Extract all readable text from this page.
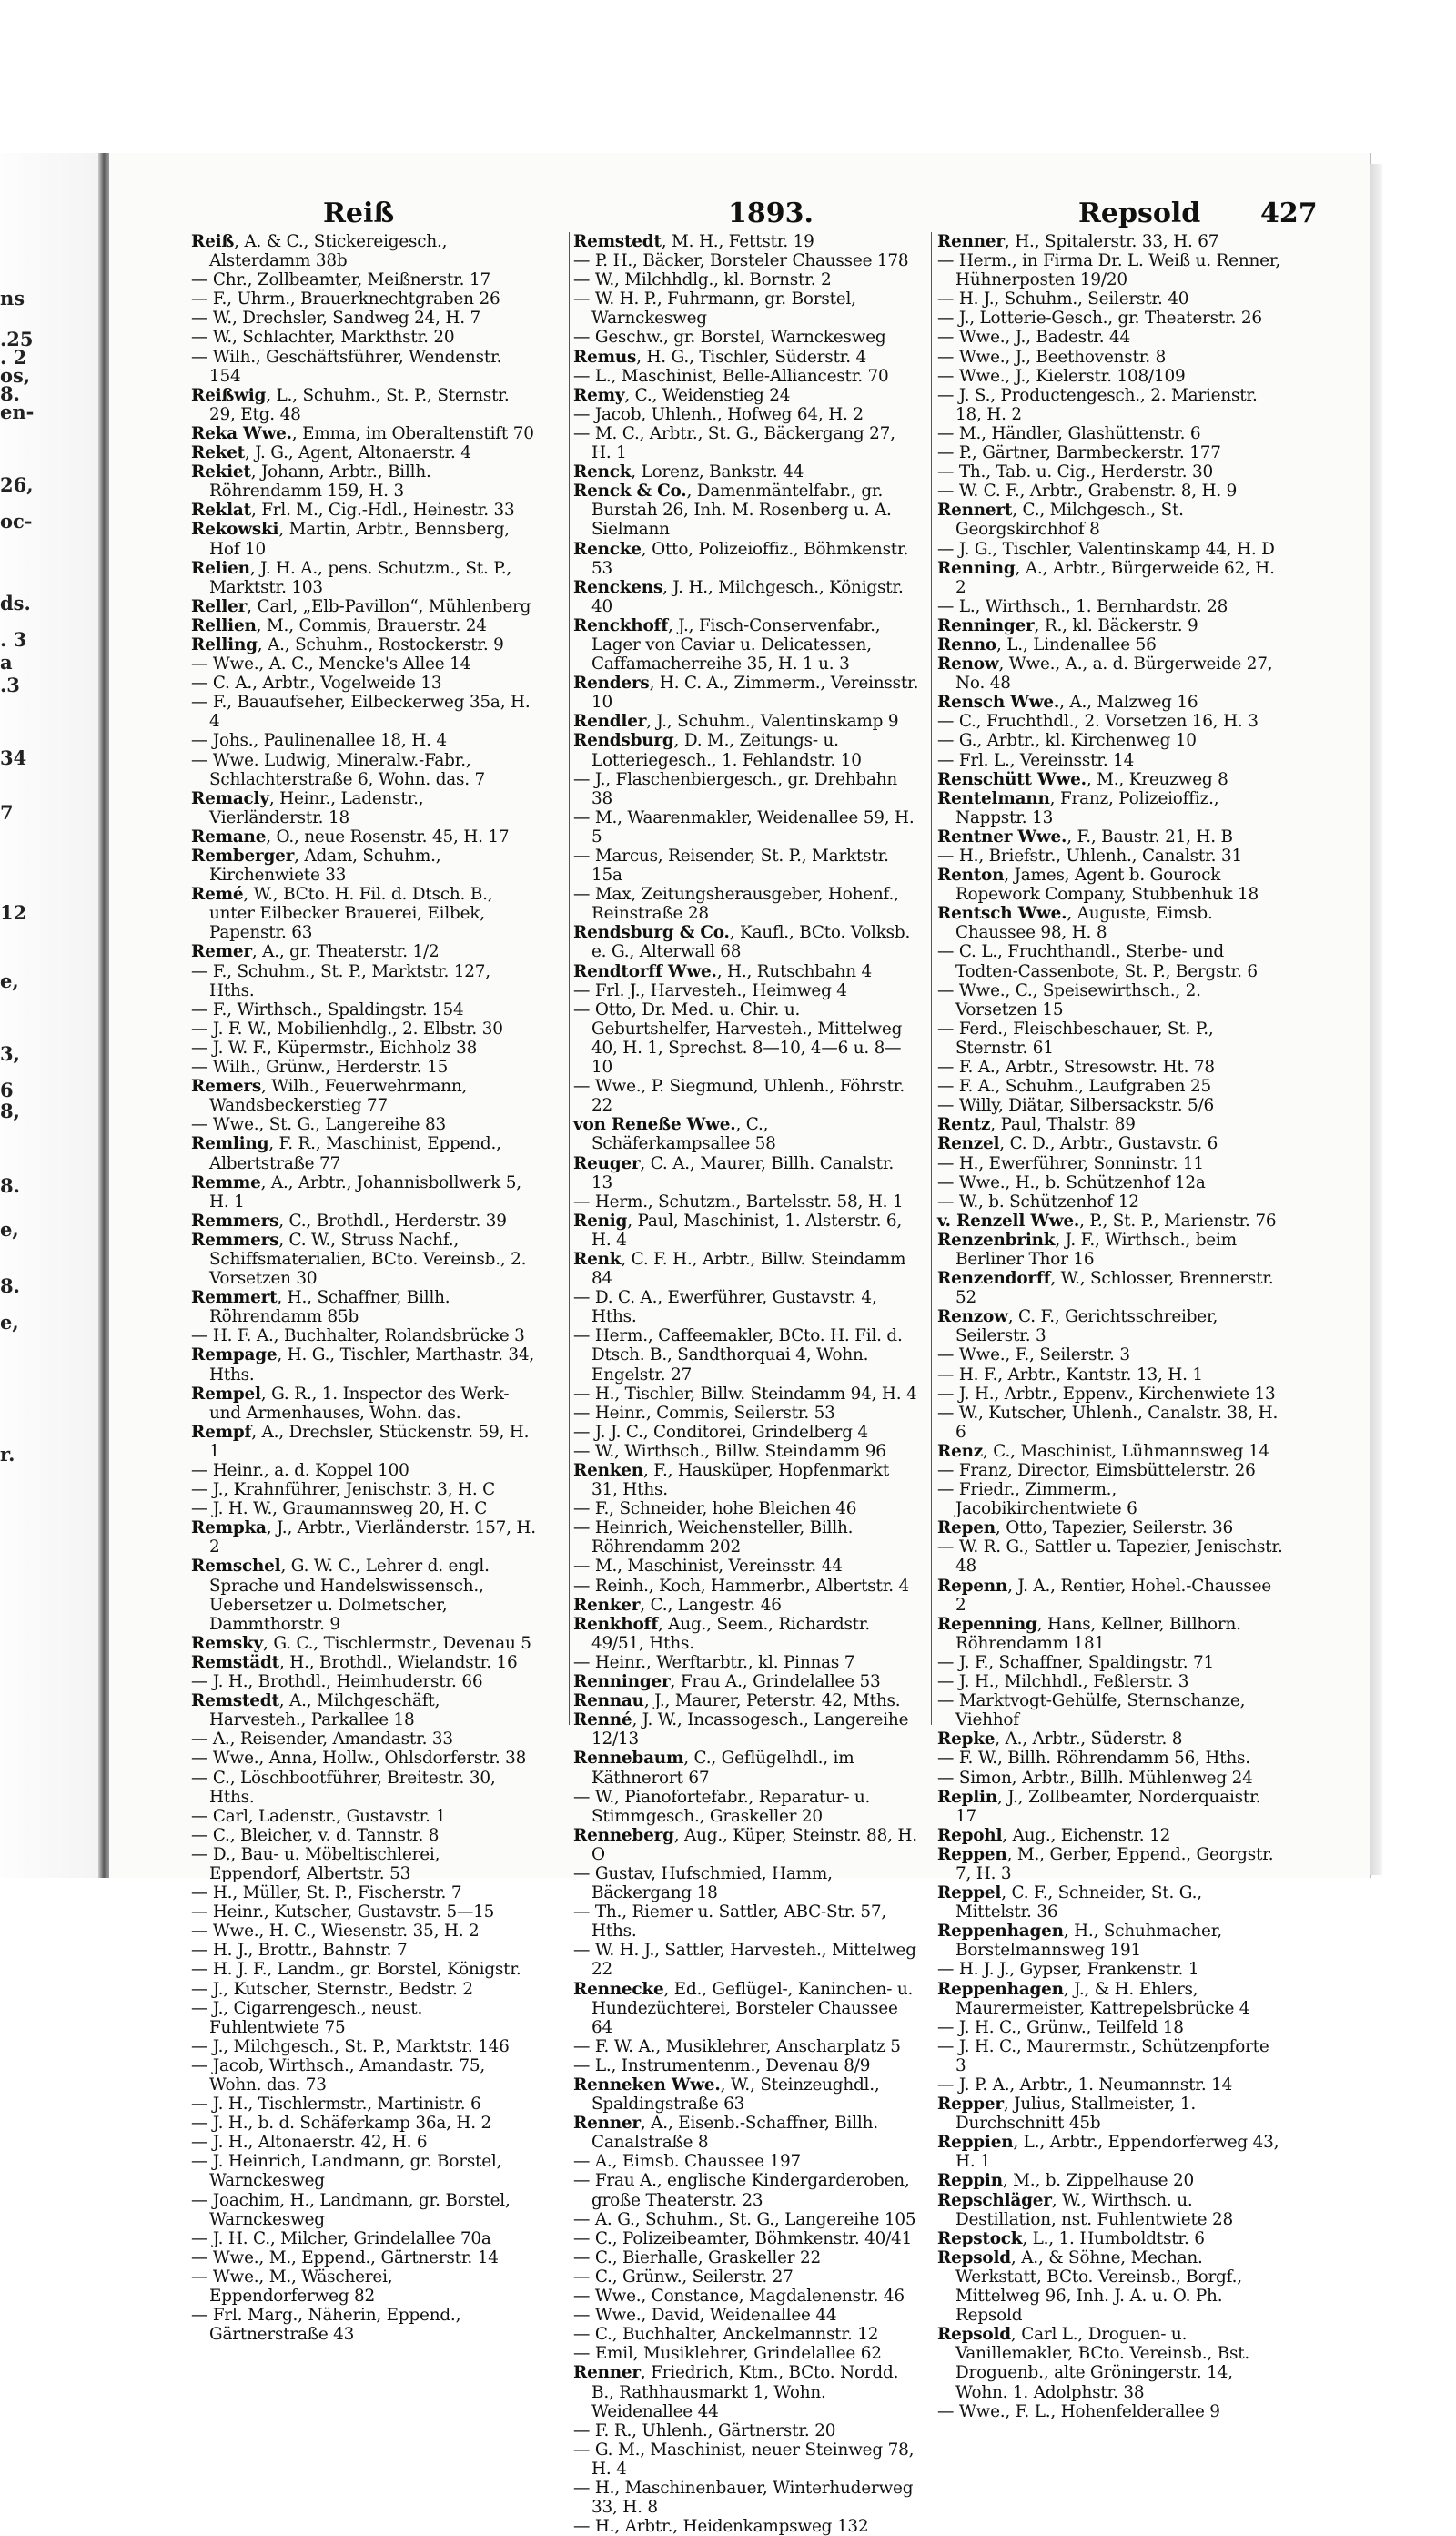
ns
.25
. 2
os,
8.
en-
26,
oc-
ds.
. 3
a
.3
34
7
12
e,
3,
6
8,
8.
e,
8.
e,
r.
Reiß	1893.	Repsold 427
Reiß, A. & C., Stickereigesch., Alsterdamm 38b
— Chr., Zollbeamter, Meißnerstr. 17
— F., Uhrm., Brauerknechtgraben 26
— W., Drechsler, Sandweg 24, H. 7
— W., Schlachter, Markthstr. 20
— Wilh., Geschäftsführer, Wendenstr. 154
Reißwig, L., Schuhm., St. P., Sternstr. 29, Etg. 48
Reka Wwe., Emma, im Oberaltenstift 70
Reket, J. G., Agent, Altonaerstr. 4
Rekiet, Johann, Arbtr., Billh. Röhrendamm 159, H. 3
Reklat, Frl. M., Cig.-Hdl., Heinestr. 33
Rekowski, Martin, Arbtr., Bennsberg, Hof 10
Relien, J. H. A., pens. Schutzm., St. P., Marktstr. 103
Reller, Carl, „Elb-Pavillon“, Mühlenberg
Rellien, M., Commis, Brauerstr. 24
Relling, A., Schuhm., Rostockerstr. 9
— Wwe., A. C., Mencke's Allee 14
— C. A., Arbtr., Vogelweide 13
— F., Bauaufseher, Eilbeckerweg 35a, H. 4
— Johs., Paulinenallee 18, H. 4
— Wwe. Ludwig, Mineralw.-Fabr., Schlachterstraße 6, Wohn. das. 7
Remacly, Heinr., Ladenstr., Vierländerstr. 18
Remane, O., neue Rosenstr. 45, H. 17
Remberger, Adam, Schuhm., Kirchenwiete 33
Remé, W., BCto. H. Fil. d. Dtsch. B., unter Eilbecker Brauerei, Eilbek, Papenstr. 63
Remer, A., gr. Theaterstr. 1/2
— F., Schuhm., St. P., Marktstr. 127, Hths.
— F., Wirthsch., Spaldingstr. 154
— J. F. W., Mobilienhdlg., 2. Elbstr. 30
— J. W. F., Küpermstr., Eichholz 38
— Wilh., Grünw., Herderstr. 15
Remers, Wilh., Feuerwehrmann, Wandsbeckerstieg 77
— Wwe., St. G., Langereihe 83
Remling, F. R., Maschinist, Eppend., Albertstraße 77
Remme, A., Arbtr., Johannisbollwerk 5, H. 1
Remmers, C., Brothdl., Herderstr. 39
Remmers, C. W., Struss Nachf., Schiffsmaterialien, BCto. Vereinsb., 2. Vorsetzen 30
Remmert, H., Schaffner, Billh. Röhrendamm 85b
— H. F. A., Buchhalter, Rolandsbrücke 3
Rempage, H. G., Tischler, Marthastr. 34, Hths.
Rempel, G. R., 1. Inspector des Werk- und Armenhauses, Wohn. das.
Rempf, A., Drechsler, Stückenstr. 59, H. 1
— Heinr., a. d. Koppel 100
— J., Krahnführer, Jenischstr. 3, H. C
— J. H. W., Graumannsweg 20, H. C
Rempka, J., Arbtr., Vierländerstr. 157, H. 2
Remschel, G. W. C., Lehrer d. engl. Sprache und Handelswissensch., Uebersetzer u. Dolmetscher, Dammthorstr. 9
Remsky, G. C., Tischlermstr., Devenau 5
Remstädt, H., Brothdl., Wielandstr. 16
— J. H., Brothdl., Heimhuderstr. 66
Remstedt, A., Milchgeschäft, Harvestеh., Parkallee 18
— A., Reisender, Amandastr. 33
— Wwe., Anna, Hollw., Ohlsdorferstr. 38
— C., Löschbootführer, Breitestr. 30, Hths.
— Carl, Ladenstr., Gustavstr. 1
— C., Bleicher, v. d. Tannstr. 8
— D., Bau- u. Möbeltischlerei, Eppendorf, Albertstr. 53
— H., Müller, St. P., Fischerstr. 7
— Heinr., Kutscher, Gustavstr. 5—15
— Wwe., H. C., Wiesenstr. 35, H. 2
— H. J., Brottr., Bahnstr. 7
— H. J. F., Landm., gr. Borstel, Königstr.
— J., Kutscher, Sternstr., Bedstr. 2
— J., Cigarrengesch., neust. Fuhlentwiete 75
— J., Milchgesch., St. P., Marktstr. 146
— Jacob, Wirthsch., Amandastr. 75, Wohn. das. 73
— J. H., Tischlermstr., Martinistr. 6
— J. H., b. d. Schäferkamp 36a, H. 2
— J. H., Altonaerstr. 42, H. 6
— J. Heinrich, Landmann, gr. Borstel, Warnckesweg
— Joachim, H., Landmann, gr. Borstel, Warnckesweg
— J. H. C., Milcher, Grindelallee 70a
— Wwe., M., Eppend., Gärtnerstr. 14
— Wwe., M., Wäscherei, Eppendorferweg 82
— Frl. Marg., Näherin, Eppend., Gärtnerstraße 43
Remstedt, M. H., Fettstr. 19
— P. H., Bäcker, Borsteler Chaussee 178
— W., Milchhdlg., kl. Bornstr. 2
— W. H. P., Fuhrmann, gr. Borstel, Warnckesweg
— Geschw., gr. Borstel, Warnckesweg
Remus, H. G., Tischler, Süderstr. 4
— L., Maschinist, Belle-Alliancestr. 70
Remy, C., Weidenstieg 24
— Jacob, Uhlenh., Hofweg 64, H. 2
— M. C., Arbtr., St. G., Bäckergang 27, H. 1
Renck, Lorenz, Bankstr. 44
Renck & Co., Damenmäntelfabr., gr. Burstah 26, Inh. M. Rosenberg u. A. Sielmann
Rencke, Otto, Polizeioffiz., Böhmkenstr. 53
Renckens, J. H., Milchgesch., Königstr. 40
Renckhoff, J., Fisch-Conservenfabr., Lager von Caviar u. Delicatessen, Caffamacherreihe 35, H. 1 u. 3
Renders, H. C. A., Zimmerm., Vereinsstr. 10
Rendler, J., Schuhm., Valentinskamp 9
Rendsburg, D. M., Zeitungs- u. Lotteriegesch., 1. Fehlandstr. 10
— J., Flaschenbiergesch., gr. Drehbahn 38
— M., Waarenmakler, Weidenallee 59, H. 5
— Marcus, Reisender, St. P., Marktstr. 15a
— Max, Zeitungsherausgeber, Hohenf., Reinstraße 28
Rendsburg & Co., Kaufl., BCto. Volksb. e. G., Alterwall 68
Rendtorff Wwe., H., Rutschbahn 4
— Frl. J., Harvesteh., Heimweg 4
— Otto, Dr. Med. u. Chir. u. Geburtshelfer, Harvesteh., Mittelweg 40, H. 1, Sprechst. 8—10, 4—6 u. 8—10
— Wwe., P. Siegmund, Uhlenh., Föhrstr. 22
von Reneße Wwe., C., Schäferkampsallee 58
Reuger, C. A., Maurer, Billh. Canalstr. 13
— Herm., Schutzm., Bartelsstr. 58, H. 1
Renig, Paul, Maschinist, 1. Alsterstr. 6, H. 4
Renk, C. F. H., Arbtr., Billw. Steindamm 84
— D. C. A., Ewerführer, Gustavstr. 4, Hths.
— Herm., Caffeemakler, BCto. H. Fil. d. Dtsch. B., Sandthorquai 4, Wohn. Engelstr. 27
— H., Tischler, Billw. Steindamm 94, H. 4
— Heinr., Commis, Seilerstr. 53
— J. J. C., Conditorei, Grindelberg 4
— W., Wirthsch., Billw. Steindamm 96
Renken, F., Hausküper, Hopfenmarkt 31, Hths.
— F., Schneider, hohe Bleichen 46
— Heinrich, Weichensteller, Billh. Röhrendamm 202
— M., Maschinist, Vereinsstr. 44
— Reinh., Koch, Hammerbr., Albertstr. 4
Renker, C., Langestr. 46
Renkhoff, Aug., Seem., Richardstr. 49/51, Hths.
— Heinr., Werftarbtr., kl. Pinnas 7
Renninger, Frau A., Grindelallee 53
Rennau, J., Maurer, Peterstr. 42, Mths.
Renné, J. W., Incassogesch., Langereihe 12/13
Rennebaum, C., Geflügelhdl., im Käthnerort 67
— W., Pianofortefabr., Reparatur- u. Stimmgesch., Graskeller 20
Renneberg, Aug., Küper, Steinstr. 88, H. O
— Gustav, Hufschmied, Hamm, Bäckergang 18
— Th., Riemer u. Sattler, ABC-Str. 57, Hths.
— W. H. J., Sattler, Harvesteh., Mittelweg 22
Rennecke, Ed., Geflügel-, Kaninchen- u. Hundezüchterei, Borsteler Chaussee 64
— F. W. A., Musiklehrer, Anscharplatz 5
— L., Instrumentenm., Devenau 8/9
Renneken Wwe., W., Steinzeughdl., Spaldingstraße 63
Renner, A., Eisenb.-Schaffner, Billh. Canalstraße 8
— A., Eimsb. Chaussee 197
— Frau A., englische Kindergarderoben, große Theaterstr. 23
— A. G., Schuhm., St. G., Langereihe 105
— C., Polizeibeamter, Böhmkenstr. 40/41
— C., Bierhalle, Graskeller 22
— C., Grünw., Seilerstr. 27
— Wwe., Constance, Magdalenenstr. 46
— Wwe., David, Weidenallee 44
— C., Buchhalter, Anckelmannstr. 12
— Emil, Musiklehrer, Grindelallee 62
Renner, Friedrich, Ktm., BCto. Nordd. B., Rathhausmarkt 1, Wohn. Weidenallee 44
— F. R., Uhlenh., Gärtnerstr. 20
— G. M., Maschinist, neuer Steinweg 78, H. 4
— H., Maschinenbauer, Winterhuderweg 33, H. 8
— H., Arbtr., Heidenkampsweg 132
Renner, H., Spitalerstr. 33, H. 67
— Herm., in Firma Dr. L. Weiß u. Renner, Hühnerposten 19/20
— H. J., Schuhm., Seilerstr. 40
— J., Lotterie-Gesch., gr. Theaterstr. 26
— Wwe., J., Badestr. 44
— Wwe., J., Beethovenstr. 8
— Wwe., J., Kielerstr. 108/109
— J. S., Productengesch., 2. Marienstr. 18, H. 2
— M., Händler, Glashüttenstr. 6
— P., Gärtner, Barmbeckerstr. 177
— Th., Tab. u. Cig., Herderstr. 30
— W. C. F., Arbtr., Grabenstr. 8, H. 9
Rennert, C., Milchgesch., St. Georgskirchhof 8
— J. G., Tischler, Valentinskamp 44, H. D
Renning, A., Arbtr., Bürgerweide 62, H. 2
— L., Wirthsch., 1. Bernhardstr. 28
Renninger, R., kl. Bäckerstr. 9
Renno, L., Lindenallee 56
Renow, Wwe., A., a. d. Bürgerweide 27, No. 48
Rensch Wwe., A., Malzweg 16
— C., Fruchthdl., 2. Vorsetzen 16, H. 3
— G., Arbtr., kl. Kirchenweg 10
— Frl. L., Vereinsstr. 14
Renschütt Wwe., M., Kreuzweg 8
Rentelmann, Franz, Polizeioffiz., Nappstr. 13
Rentner Wwe., F., Baustr. 21, H. B
— H., Briefstr., Uhlenh., Canalstr. 31
Renton, James, Agent b. Gourock Ropework Company, Stubbenhuk 18
Rentsch Wwe., Auguste, Eimsb. Chaussee 98, H. 8
— C. L., Fruchthandl., Sterbe- und Todten-Cassenbote, St. P., Bergstr. 6
— Wwe., C., Speisewirthsch., 2. Vorsetzen 15
— Ferd., Fleischbeschauer, St. P., Sternstr. 61
— F. A., Arbtr., Stresowstr. Ht. 78
— F. A., Schuhm., Laufgraben 25
— Willy, Diätar, Silbersackstr. 5/6
Rentz, Paul, Thalstr. 89
Renzel, C. D., Arbtr., Gustavstr. 6
— H., Ewerführer, Sonninstr. 11
— Wwe., H., b. Schützenhof 12a
— W., b. Schützenhof 12
v. Renzell Wwe., P., St. P., Marienstr. 76
Renzenbrink, J. F., Wirthsch., beim Berliner Thor 16
Renzendorff, W., Schlosser, Brennerstr. 52
Renzow, C. F., Gerichtsschreiber, Seilerstr. 3
— Wwe., F., Seilerstr. 3
— H. F., Arbtr., Kantstr. 13, H. 1
— J. H., Arbtr., Eppenv., Kirchenwiete 13
— W., Kutscher, Uhlenh., Canalstr. 38, H. 6
Renz, C., Maschinist, Lühmannsweg 14
— Franz, Director, Eimsbüttelerstr. 26
— Friedr., Zimmerm., Jacobikirchentwiete 6
Repen, Otto, Tapezier, Seilerstr. 36
— W. R. G., Sattler u. Tapezier, Jenischstr. 48
Repenn, J. A., Rentier, Hohel.-Chaussee 2
Repenning, Hans, Kellner, Billhorn. Röhrendamm 181
— J. F., Schaffner, Spaldingstr. 71
— J. H., Milchhdl., Feßlerstr. 3
— Marktvogt-Gehülfe, Sternschanze, Viehhof
Repke, A., Arbtr., Süderstr. 8
— F. W., Billh. Röhrendamm 56, Hths.
— Simon, Arbtr., Billh. Mühlenweg 24
Replin, J., Zollbeamter, Norderquaistr. 17
Repohl, Aug., Eichenstr. 12
Reppen, M., Gerber, Eppend., Georgstr. 7, H. 3
Reppel, C. F., Schneider, St. G., Mittelstr. 36
Reppenhagen, H., Schuhmacher, Borstelmannsweg 191
— H. J. J., Gypser, Frankenstr. 1
Reppenhagen, J., & H. Ehlers, Maurermeister, Kattrepelsbrücke 4
— J. H. C., Grünw., Teilfeld 18
— J. H. C., Maurermstr., Schützenpforte 3
— J. P. A., Arbtr., 1. Neumannstr. 14
Repper, Julius, Stallmeister, 1. Durchschnitt 45b
Reppien, L., Arbtr., Eppendorferweg 43, H. 1
Reppin, M., b. Zippelhause 20
Repschläger, W., Wirthsch. u. Destillation, nst. Fuhlentwiete 28
Repstock, L., 1. Humboldtstr. 6
Repsold, A., & Söhne, Mechan. Werkstatt, BCto. Vereinsb., Borgf., Mittelweg 96, Inh. J. A. u. O. Ph. Repsold
Repsold, Carl L., Droguen- u. Vanillemakler, BCto. Vereinsb., Bst. Droguenb., alte Gröningerstr. 14, Wohn. 1. Adolphstr. 38
— Wwe., F. L., Hohenfelderallee 9
